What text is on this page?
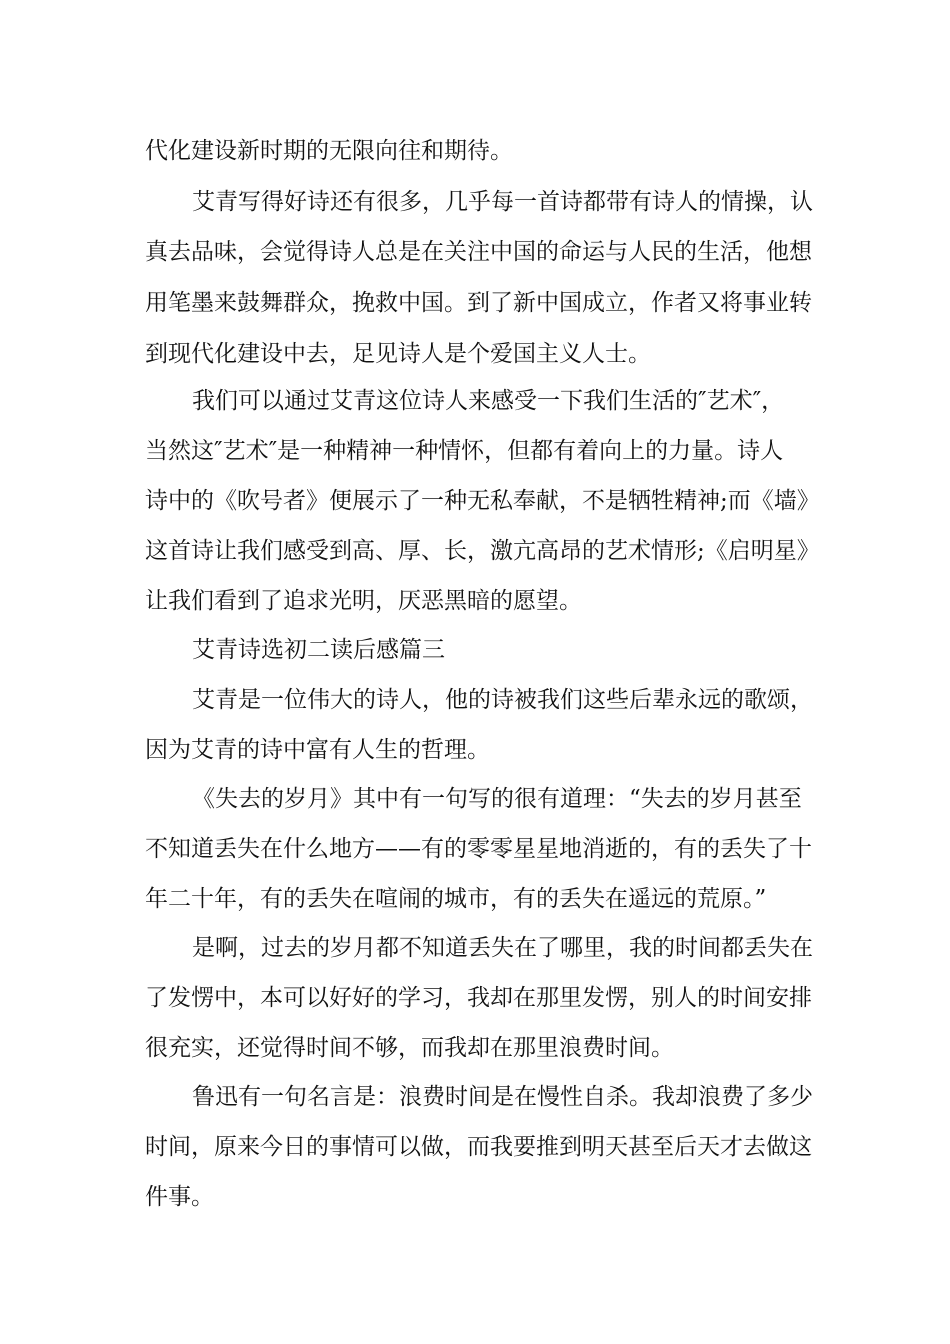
代化建设新时期的无限向往和期待。
艾青写得好诗还有很多，几乎每一首诗都带有诗人的情操，认
真去品味，会觉得诗人总是在关注中国的命运与人民的生活，他想
用笔墨来鼓舞群众，挽救中国。到了新中国成立，作者又将事业转
到现代化建设中去，足见诗人是个爱国主义人士。
我们可以通过艾青这位诗人来感受一下我们生活的″艺术″，
当然这″艺术″是一种精神一种情怀，但都有着向上的力量。诗人
诗中的《吹号者》便展示了一种无私奉献，不是牺牲精神;而《墙》
这首诗让我们感受到高、厚、长，激亢高昂的艺术情形;《启明星》
让我们看到了追求光明，厌恶黑暗的愿望。
艾青诗选初二读后感篇三
艾青是一位伟大的诗人，他的诗被我们这些后辈永远的歌颂，
因为艾青的诗中富有人生的哲理。
《失去的岁月》其中有一句写的很有道理：“失去的岁月甚至
不知道丢失在什么地方——有的零零星星地消逝的，有的丢失了十
年二十年，有的丢失在喧闹的城市，有的丢失在遥远的荒原。”
是啊，过去的岁月都不知道丢失在了哪里，我的时间都丢失在
了发愣中，本可以好好的学习，我却在那里发愣，别人的时间安排
很充实，还觉得时间不够，而我却在那里浪费时间。
鲁迅有一句名言是：浪费时间是在慢性自杀。我却浪费了多少
时间，原来今日的事情可以做，而我要推到明天甚至后天才去做这
件事。
